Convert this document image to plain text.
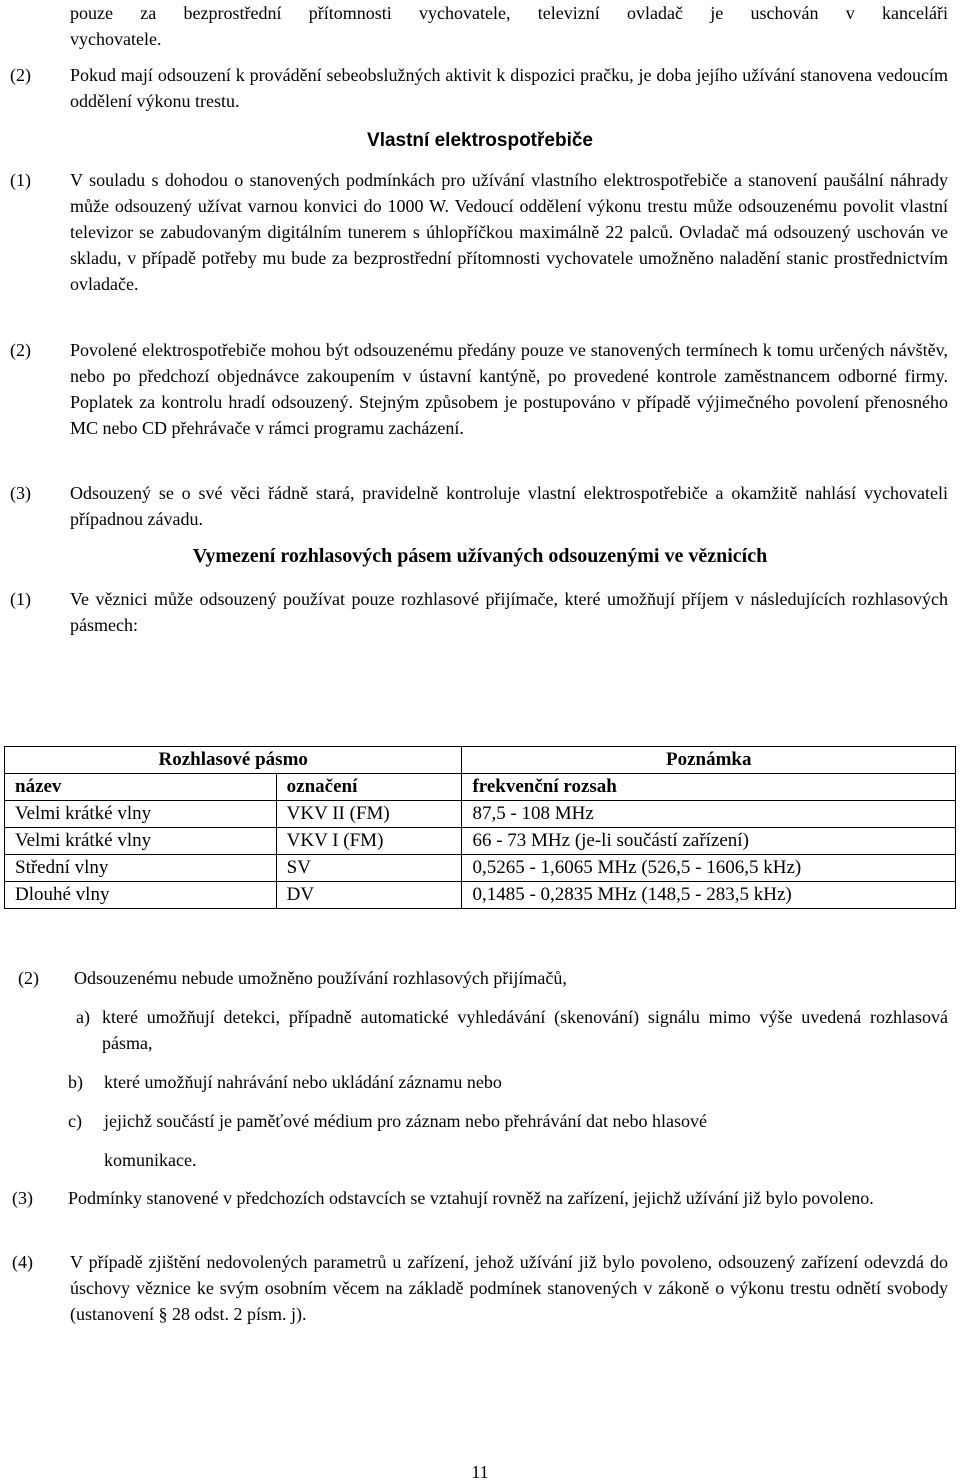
pouze za bezprostřední přítomnosti vychovatele, televizní ovladač je uschován v kanceláři
vychovatele.
(2) Pokud mají odsouzení k provádění sebeobslužných aktivit k dispozici pračku, je doba jejího užívání stanovena vedoucím oddělení výkonu trestu.

Vlastní elektrospotřebiče
(1) V souladu s dohodou o stanovených podmínkách pro užívání vlastního elektrospotřebiče a stanovení paušální náhrady může odsouzený užívat varnou konvici do 1000 W. Vedoucí oddělení výkonu trestu může odsouzenému povolit vlastní televizor se zabudovaným digitálním tunerem s úhlopříčkou maximálně 22 palců. Ovladač má odsouzený uschován ve skladu, v případě potřeby mu bude za bezprostřední přítomnosti vychovatele umožněno naladění stanic prostřednictvím ovladače.

(2) Povolené elektrospotřebiče mohou být odsouzenému předány pouze ve stanovených termínech k tomu určených návštěv, nebo po předchozí objednávce zakoupením v ústavní kantýně, po provedené kontrole zaměstnancem odborné firmy. Poplatek za kontrolu hradí odsouzený. Stejným způsobem je postupováno v případě výjimečného povolení přenosného MC nebo CD přehrávače v rámci programu zacházení.

(3) Odsouzený se o své věci řádně stará, pravidelně kontroluje vlastní elektrospotřebiče a okamžitě nahlásí vychovateli případnou závadu.

Vymezení rozhlasových pásem užívaných odsouzenými ve věznicích
(1) Ve věznici může odsouzený používat pouze rozhlasové přijímače, které umožňují příjem v následujících rozhlasových pásmech:

Rozhlasové pásmo		Poznámka
název	označení	frekvenční rozsah
Velmi krátké vlny	VKV II (FM)	87,5 - 108 MHz
Velmi krátké vlny	VKV I (FM)	66 - 73 MHz (je-li součástí zařízení)
Střední vlny	SV	0,5265 - 1,6065 MHz (526,5 - 1606,5 kHz)
Dlouhé vlny	DV	0,1485 - 0,2835 MHz (148,5 - 283,5 kHz)
(2) Odsouzenému nebude umožněno používání rozhlasových přijímačů,

a) které umožňují detekci, případně automatické vyhledávání (skenování) signálu mimo výše uvedená rozhlasová pásma,

b) které umožňují nahrávání nebo ukládání záznamu nebo

c) jejichž součástí je paměťové médium pro záznam nebo přehrávání dat nebo hlasové

komunikace.
(3) Podmínky stanovené v předchozích odstavcích se vztahují rovněž na zařízení, jejichž užívání již bylo povoleno.

(4) V případě zjištění nedovolených parametrů u zařízení, jehož užívání již bylo povoleno, odsouzený zařízení odevzdá do úschovy věznice ke svým osobním věcem na základě podmínek stanovených v zákoně o výkonu trestu odnětí svobody (ustanovení § 28 odst. 2 písm. j).

11
